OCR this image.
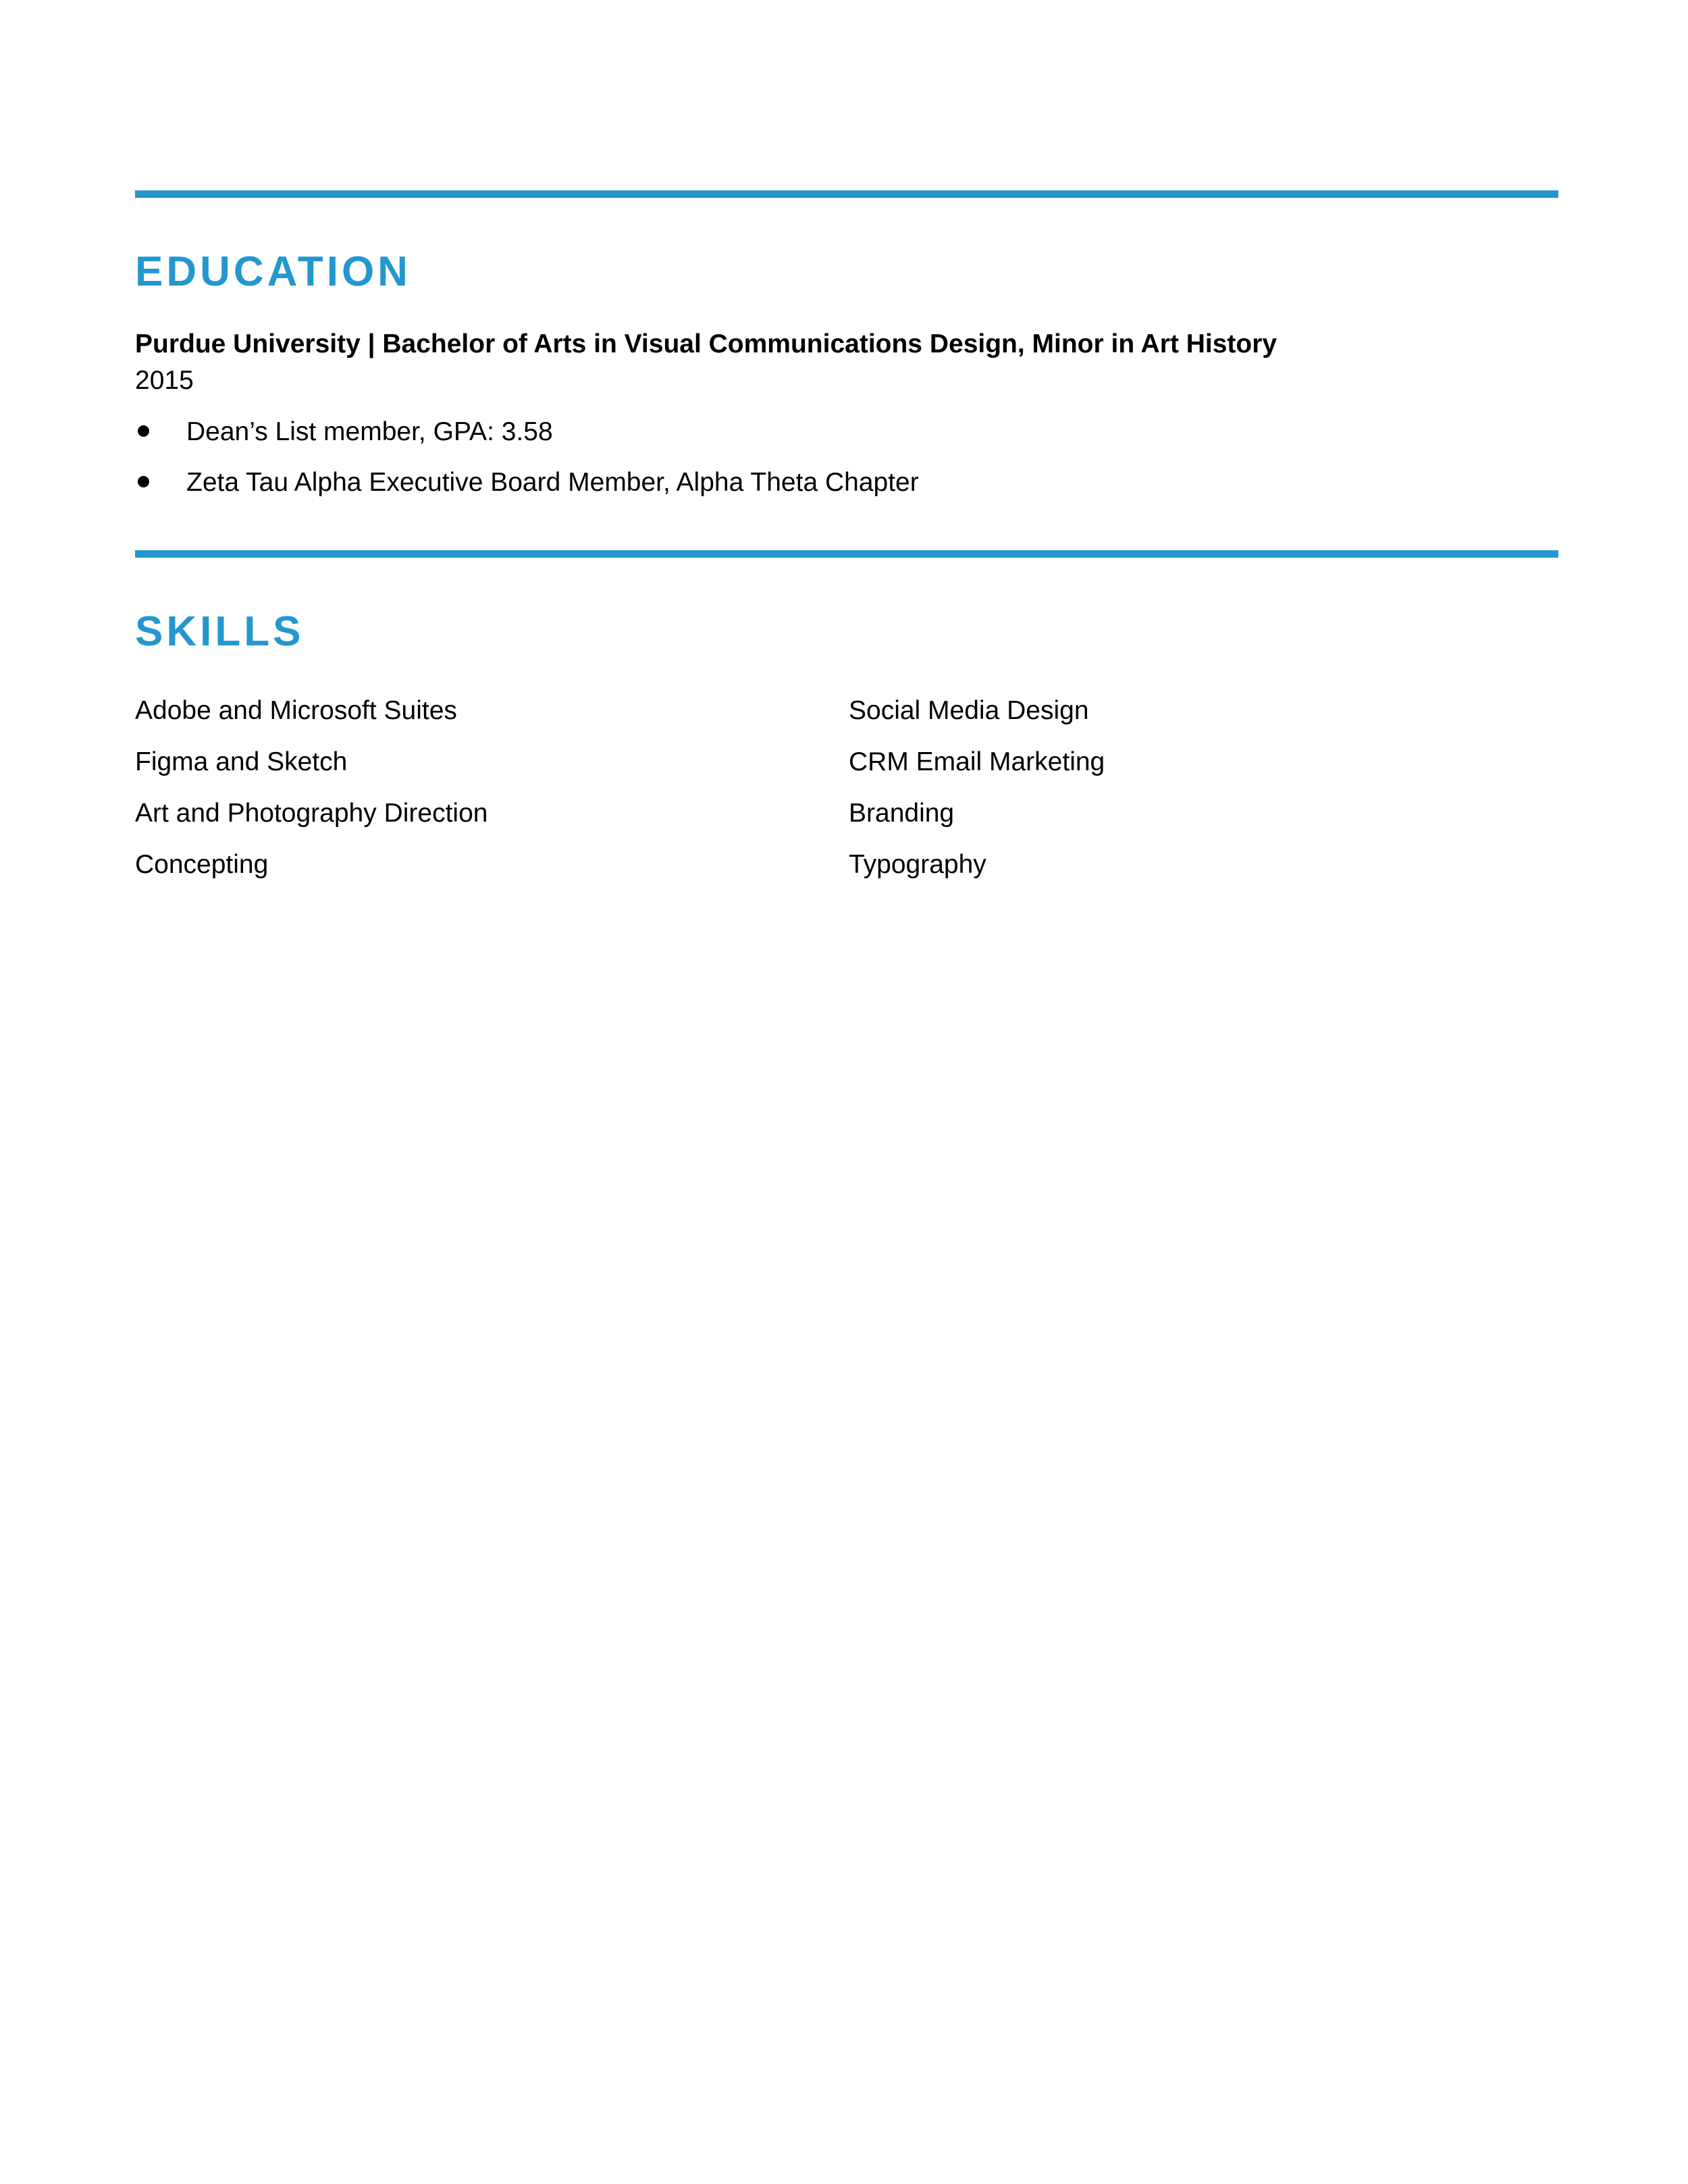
EDUCATION
Purdue University | Bachelor of Arts in Visual Communications Design, Minor in Art History
2015
Dean’s List member, GPA: 3.58
Zeta Tau Alpha Executive Board Member, Alpha Theta Chapter
SKILLS
Adobe and Microsoft Suites
Figma and Sketch
Art and Photography Direction
Concepting
Social Media Design
CRM Email Marketing
Branding
Typography
